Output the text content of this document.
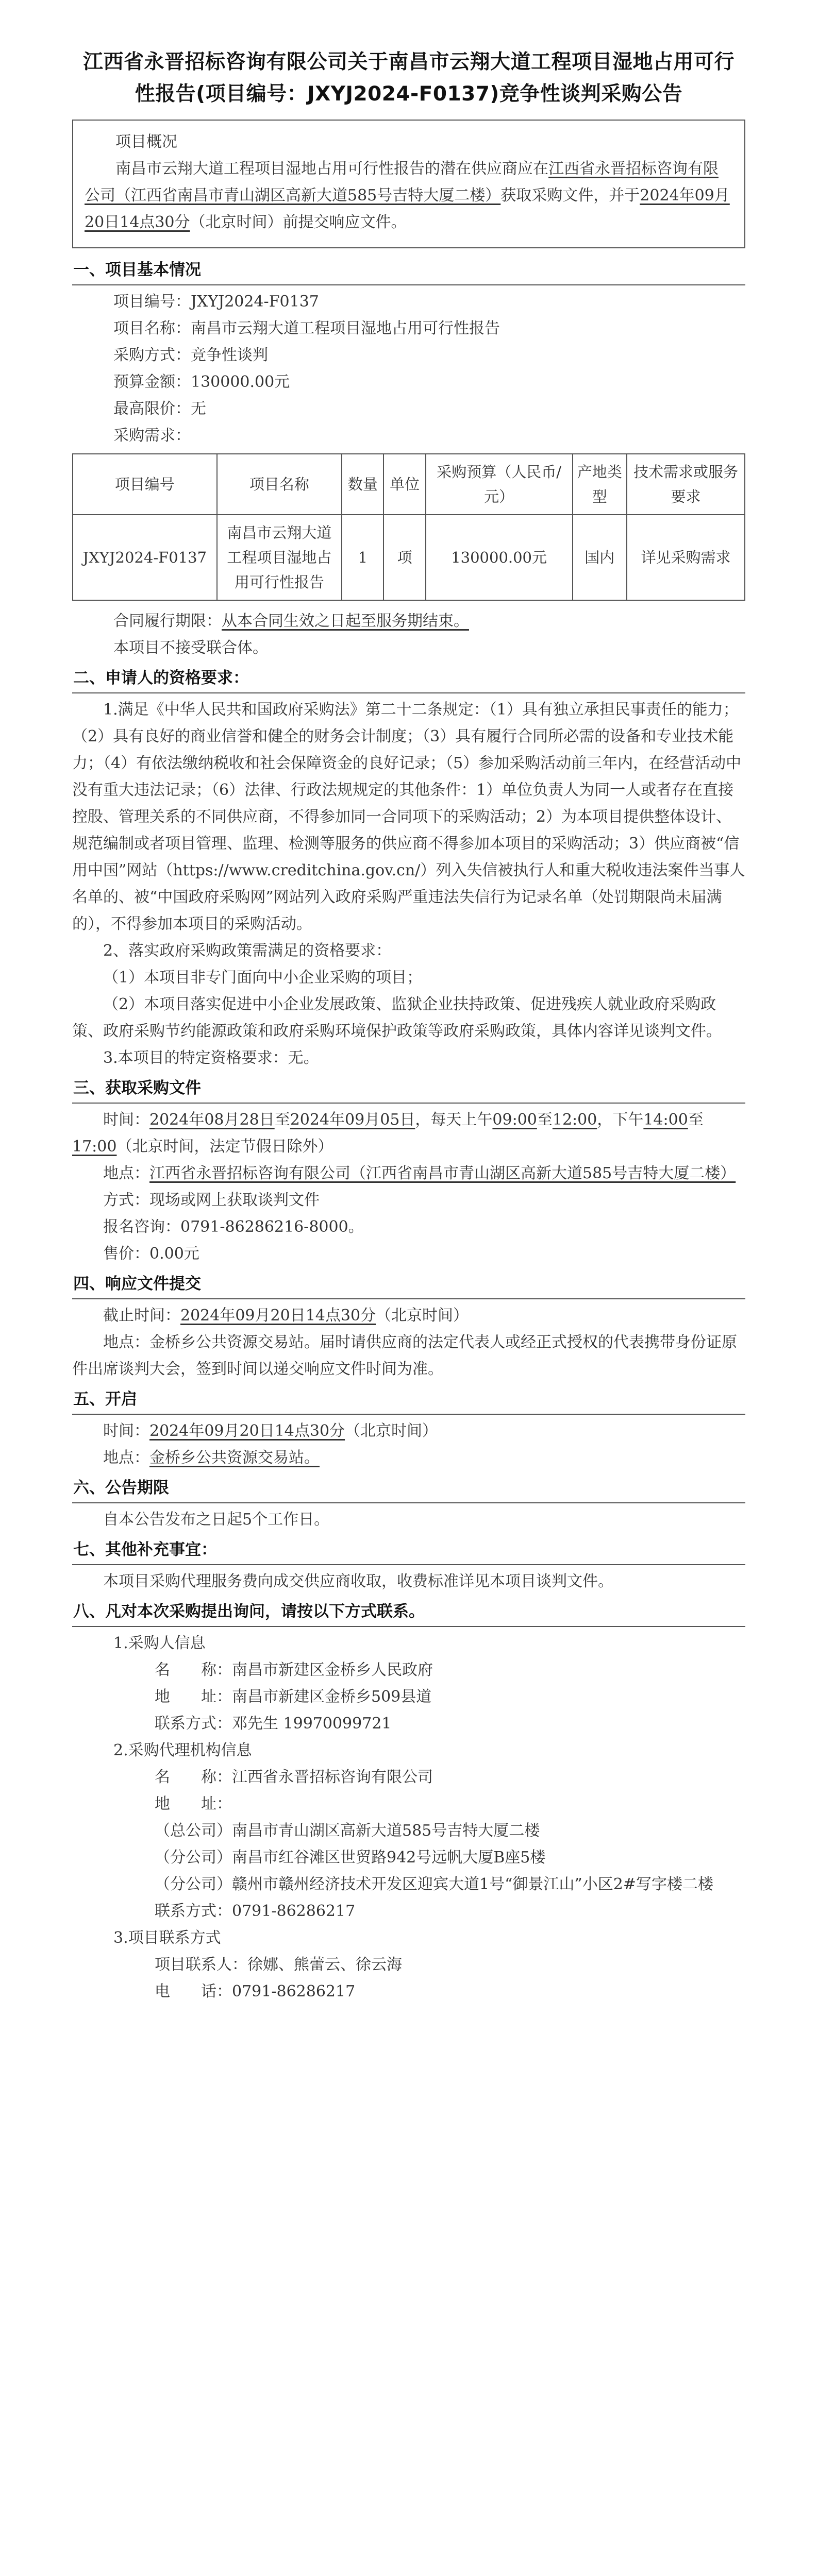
江西省永晋招标咨询有限公司关于南昌市云翔大道工程项目湿地占用可行性报告(项目编号：JXYJ2024-F0137)竞争性谈判采购公告

项目概况

南昌市云翔大道工程项目湿地占用可行性报告的潜在供应商应在江西省永晋招标咨询有限公司（江西省南昌市青山湖区高新大道585号吉特大厦二楼）获取采购文件，并于2024年09月20日14点30分（北京时间）前提交响应文件。

一、项目基本情况

项目编号：JXYJ2024-F0137

项目名称：南昌市云翔大道工程项目湿地占用可行性报告

采购方式：竞争性谈判

预算金额：130000.00元

最高限价：无

采购需求：

项目编号	项目名称	数量	单位	采购预算（人民币/元）	产地类型	技术需求或服务要求
JXYJ2024-F0137	南昌市云翔大道工程项目湿地占用可行性报告	1	项	130000.00元	国内	详见采购需求

合同履行期限：从本合同生效之日起至服务期结束。

本项目不接受联合体。

二、申请人的资格要求：

1.满足《中华人民共和国政府采购法》第二十二条规定：（1）具有独立承担民事责任的能力；（2）具有良好的商业信誉和健全的财务会计制度；（3）具有履行合同所必需的设备和专业技术能力；（4）有依法缴纳税收和社会保障资金的良好记录；（5）参加采购活动前三年内，在经营活动中没有重大违法记录；（6）法律、行政法规规定的其他条件：1）单位负责人为同一人或者存在直接控股、管理关系的不同供应商，不得参加同一合同项下的采购活动；2）为本项目提供整体设计、规范编制或者项目管理、监理、检测等服务的供应商不得参加本项目的采购活动；3）供应商被“信用中国”网站（https://www.creditchina.gov.cn/）列入失信被执行人和重大税收违法案件当事人名单的、被“中国政府采购网”网站列入政府采购严重违法失信行为记录名单（处罚期限尚未届满的），不得参加本项目的采购活动。

2、落实政府采购政策需满足的资格要求：

（1）本项目非专门面向中小企业采购的项目；

（2）本项目落实促进中小企业发展政策、监狱企业扶持政策、促进残疾人就业政府采购政策、政府采购节约能源政策和政府采购环境保护政策等政府采购政策，具体内容详见谈判文件。

3.本项目的特定资格要求：无。

三、获取采购文件

时间：2024年08月28日至2024年09月05日，每天上午09:00至12:00，下午14:00至17:00（北京时间，法定节假日除外）

地点：江西省永晋招标咨询有限公司（江西省南昌市青山湖区高新大道585号吉特大厦二楼）

方式：现场或网上获取谈判文件

报名咨询：0791-86286216-8000。

售价：0.00元

四、响应文件提交

截止时间：2024年09月20日14点30分（北京时间）

地点：金桥乡公共资源交易站。届时请供应商的法定代表人或经正式授权的代表携带身份证原件出席谈判大会，签到时间以递交响应文件时间为准。

五、开启

时间：2024年09月20日14点30分（北京时间）

地点：金桥乡公共资源交易站。

六、公告期限

自本公告发布之日起5个工作日。

七、其他补充事宜：

本项目采购代理服务费向成交供应商收取，收费标准详见本项目谈判文件。

八、凡对本次采购提出询问，请按以下方式联系。

1.采购人信息

名　　称：南昌市新建区金桥乡人民政府

地　　址：南昌市新建区金桥乡509县道

联系方式：邓先生 19970099721

2.采购代理机构信息

名　　称：江西省永晋招标咨询有限公司

地　　址：

（总公司）南昌市青山湖区高新大道585号吉特大厦二楼

（分公司）南昌市红谷滩区世贸路942号远帆大厦B座5楼

（分公司）赣州市赣州经济技术开发区迎宾大道1号“御景江山”小区2#写字楼二楼

联系方式：0791-86286217

3.项目联系方式

项目联系人：徐娜、熊蕾云、徐云海

电　　话：0791-86286217
